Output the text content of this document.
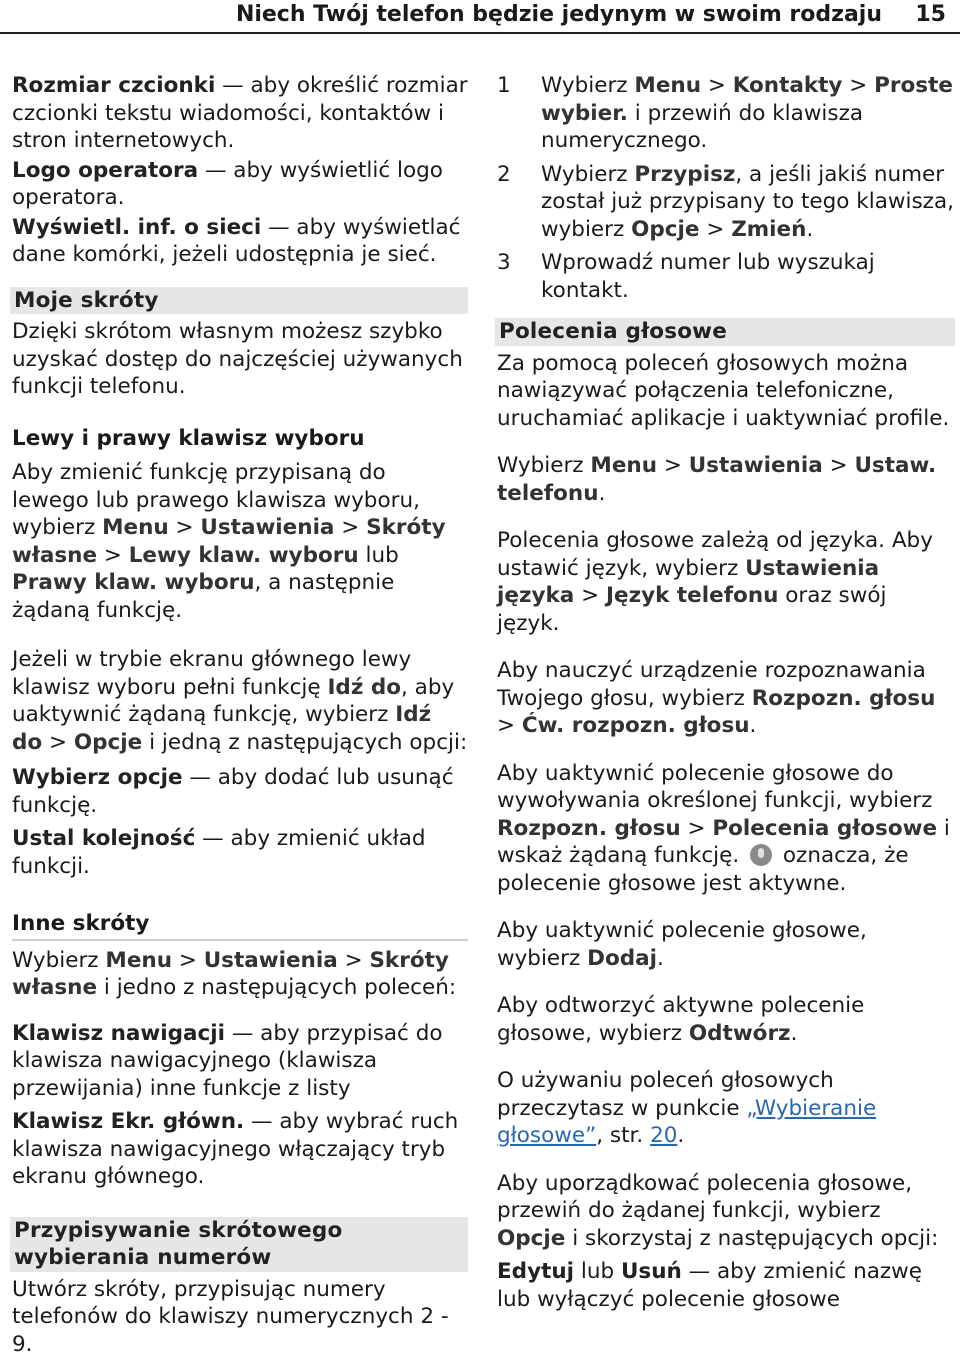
Niech Twój telefon będzie jedynym w swoim rodzaju 15

Rozmiar czcionki — aby określić rozmiar czcionki tekstu wiadomości, kontaktów i stron internetowych.

Logo operatora — aby wyświetlić logo operatora.

Wyświetl. inf. o sieci — aby wyświetlać dane komórki, jeżeli udostępnia je sieć.

Moje skróty

Dzięki skrótom własnym możesz szybko uzyskać dostęp do najczęściej używanych funkcji telefonu.

Lewy i prawy klawisz wyboru

Aby zmienić funkcję przypisaną do lewego lub prawego klawisza wyboru, wybierz Menu > Ustawienia > Skróty własne > Lewy klaw. wyboru lub Prawy klaw. wyboru, a następnie żądaną funkcję.

Jeżeli w trybie ekranu głównego lewy klawisz wyboru pełni funkcję Idź do, aby uaktywnić żądaną funkcję, wybierz Idź do > Opcje i jedną z następujących opcji:

Wybierz opcje — aby dodać lub usunąć funkcję.

Ustal kolejność — aby zmienić układ funkcji.

Inne skróty

Wybierz Menu > Ustawienia > Skróty własne i jedno z następujących poleceń:

Klawisz nawigacji — aby przypisać do klawisza nawigacyjnego (klawisza przewijania) inne funkcje z listy

Klawisz Ekr. główn. — aby wybrać ruch klawisza nawigacyjnego włączający tryb ekranu głównego.

Przypisywanie skrótowego wybierania numerów

Utwórz skróty, przypisując numery telefonów do klawiszy numerycznych 2 - 9.

1 Wybierz Menu > Kontakty > Proste wybier. i przewiń do klawisza numerycznego.
2 Wybierz Przypisz, a jeśli jakiś numer został już przypisany to tego klawisza, wybierz Opcje > Zmień.
3 Wprowadź numer lub wyszukaj kontakt.
Polecenia głosowe

Za pomocą poleceń głosowych można nawiązywać połączenia telefoniczne, uruchamiać aplikacje i uaktywniać profile.

Wybierz Menu > Ustawienia > Ustaw. telefonu.

Polecenia głosowe zależą od języka. Aby ustawić język, wybierz Ustawienia języka > Język telefonu oraz swój język.

Aby nauczyć urządzenie rozpoznawania Twojego głosu, wybierz Rozpozn. głosu > Ćw. rozpozn. głosu.

Aby uaktywnić polecenie głosowe do wywoływania określonej funkcji, wybierz Rozpozn. głosu > Polecenia głosowe i wskaż żądaną funkcję.  oznacza, że polecenie głosowe jest aktywne.

Aby uaktywnić polecenie głosowe, wybierz Dodaj.

Aby odtworzyć aktywne polecenie głosowe, wybierz Odtwórz.

O używaniu poleceń głosowych przeczytasz w punkcie „Wybieranie głosowe”, str. 20.

Aby uporządkować polecenia głosowe, przewiń do żądanej funkcji, wybierz Opcje i skorzystaj z następujących opcji:

Edytuj lub Usuń — aby zmienić nazwę lub wyłączyć polecenie głosowe
